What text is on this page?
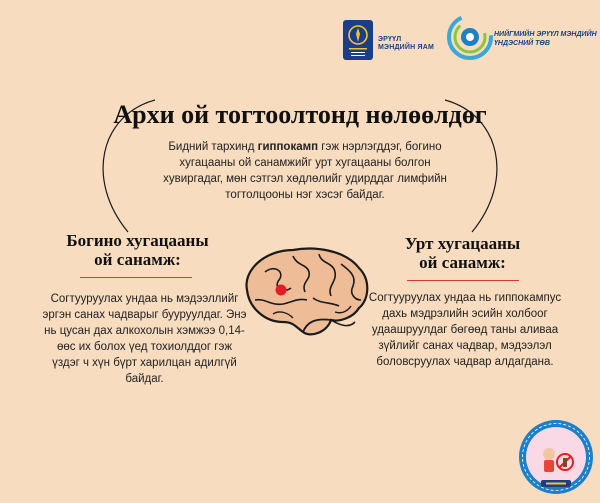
ЭРҮҮЛ
МЭНДИЙН ЯАМ
НИЙГМИЙН ЭРҮҮЛ МЭНДИЙН
ҮНДЭСНИЙ ТӨВ
Архи ой тогтоолтонд нөлөөлдөг
Бидний тархинд гиппокамп гэж нэрлэгддэг, богино хугацааны ой санамжийг урт хугацааны болгон хувиргадаг, мөн сэтгэл хөдлөлийг удирддаг лимфийн тогтолцооны нэг хэсэг байдаг.
Богино хугацааны
ой санамж:
Согтууруулах ундаа нь мэдээллийг эргэн санах чадварыг бууруулдаг. Энэ нь цусан дах алкохолын хэмжээ 0,14-өөс их болох үед тохиолддог гэж үздэг ч хүн бүрт харилцан адилгүй байдаг.
Урт хугацааны
ой санамж:
Согтууруулах ундаа нь гиппокампус дахь мэдрэлийн эсийн холбоог удаашруулдаг бөгөөд таны аливаа зүйлийг санах чадвар, мэдээлэл боловсруулах чадвар алдагдана.
